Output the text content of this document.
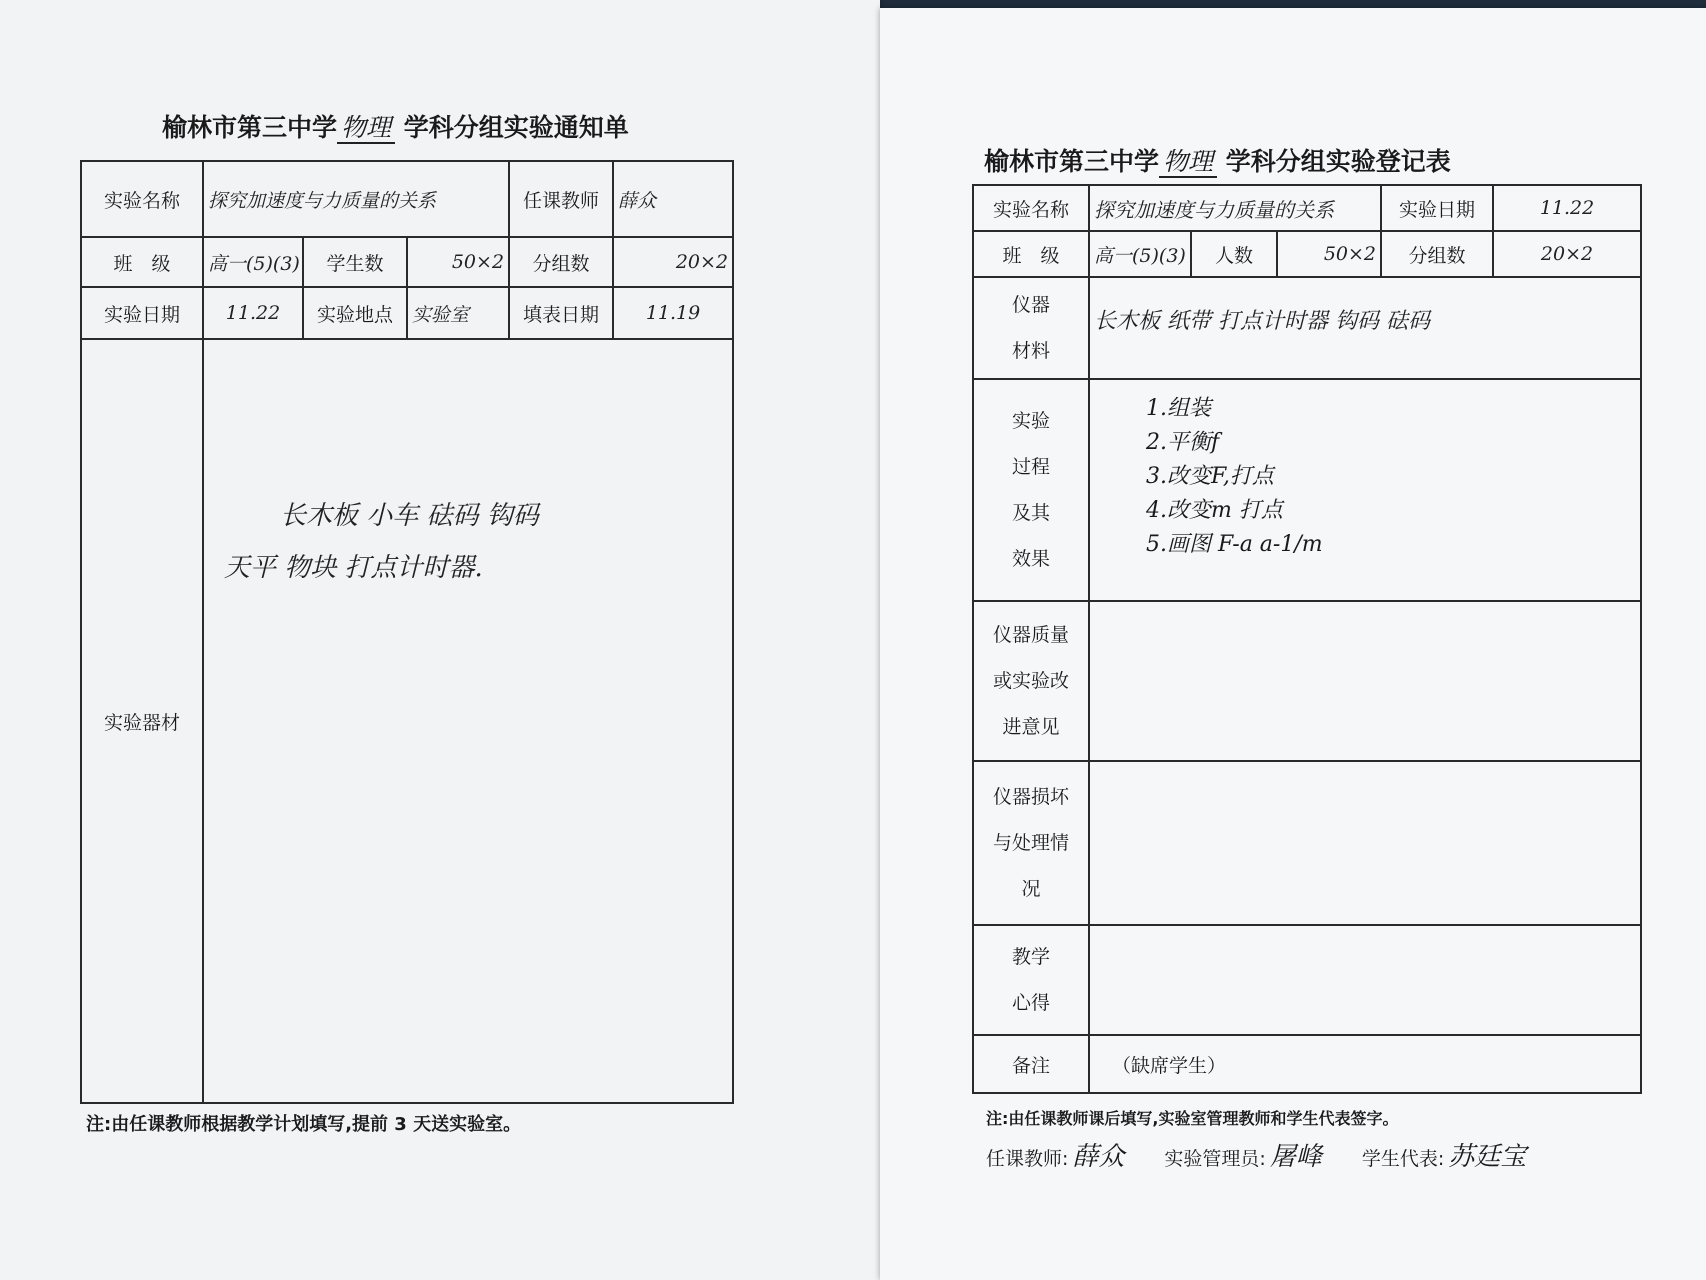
榆林市第三中学 物理 学科分组实验通知单
实验名称	探究加速度与力质量的关系			任课教师	薛众
班　级	高一(5)(3)	学生数	50×2	分组数	20×2
实验日期	11.22	实验地点	实验室	填表日期	11.19
实验器材	长木板 小车 砝码 钩码
天平 物块 打点计时器.				
注:由任课教师根据教学计划填写,提前 3 天送实验室。
榆林市第三中学 物理 学科分组实验登记表
实验名称	探究加速度与力质量的关系			实验日期	11.22
班　级	高一(5)(3)	人数	50×2	分组数	20×2
仪器材料	长木板 纸带 打点计时器 钩码 砝码				
实验过程及其效果	1.组装
2.平衡f
3.改变F,打点
4.改变m 打点
5.画图 F-a a-1/m				

仪器质量或实验改进意见					
仪器损坏与处理情况					
教学心得					
备注	（缺席学生）				
注:由任课教师课后填写,实验室管理教师和学生代表签字。
任课教师: 薛众 实验管理员: 屠峰 学生代表: 苏廷宝
